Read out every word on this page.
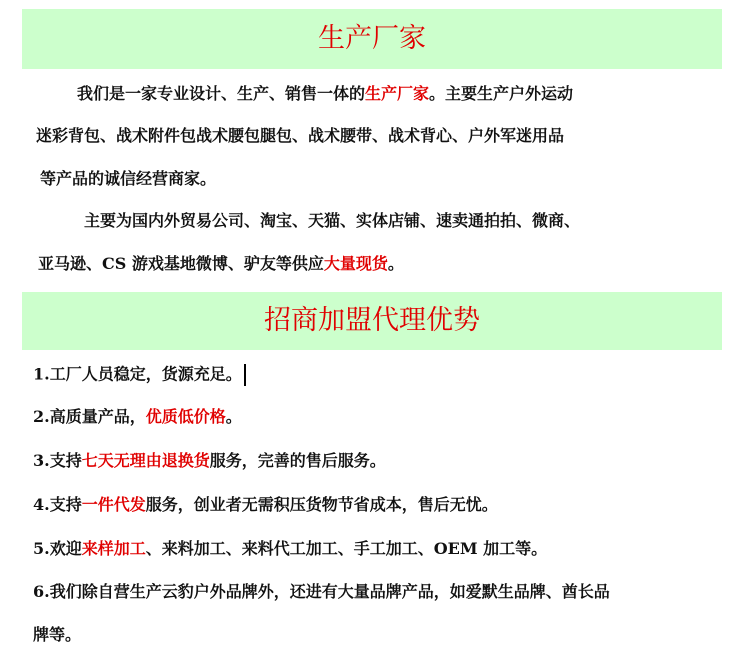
生产厂家
我们是一家专业设计、生产、销售一体的生产厂家。主要生产户外运动
迷彩背包、战术附件包战术腰包腿包、战术腰带、战术背心、户外军迷用品
等产品的诚信经营商家。
主要为国内外贸易公司、淘宝、天猫、实体店铺、速卖通拍拍、微商、
亚马逊、CS 游戏基地微博、驴友等供应大量现货。
招商加盟代理优势
1.工厂人员稳定，货源充足。
2.高质量产品，优质低价格。
3.支持七天无理由退换货服务，完善的售后服务。
4.支持一件代发服务，创业者无需积压货物节省成本，售后无忧。
5.欢迎来样加工、来料加工、来料代工加工、手工加工、OEM 加工等。
6.我们除自营生产云豹户外品牌外，还进有大量品牌产品，如爱默生品牌、酋长品
牌等。
